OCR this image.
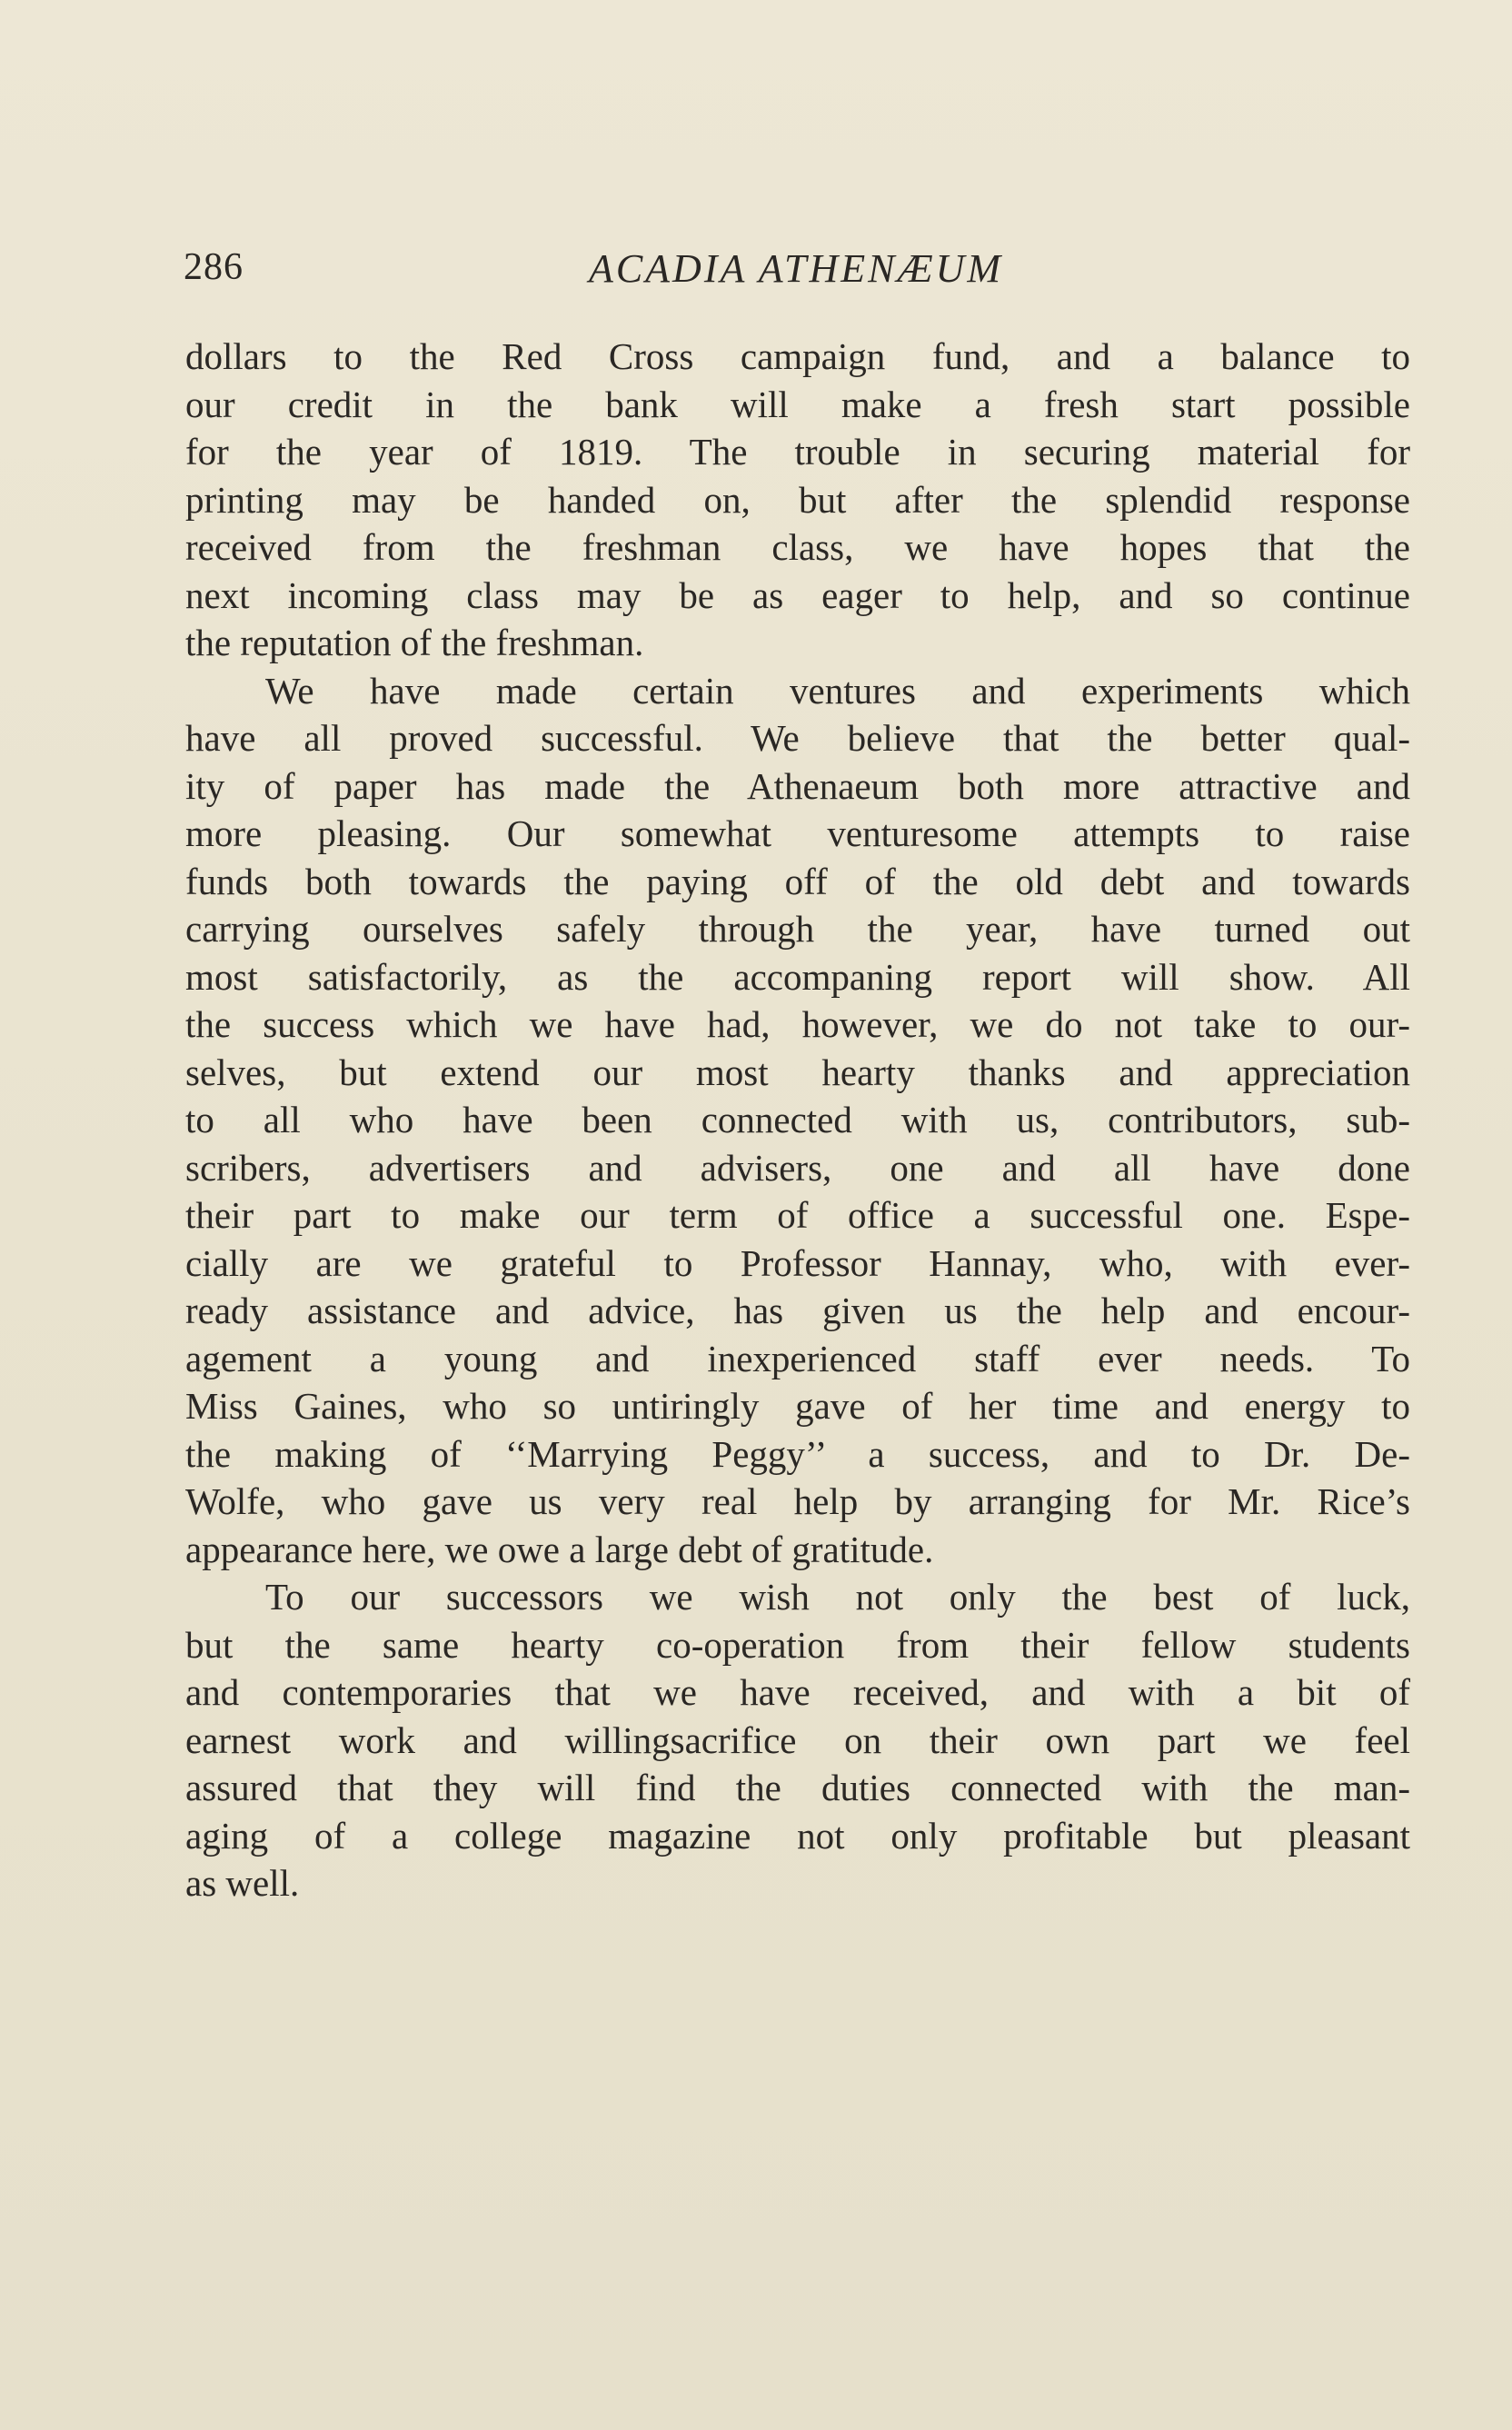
286	ACADIA ATHENÆUM
dollars to the Red Cross campaign fund, and a balance to
our credit in the bank will make a fresh start possible
for the year of 1819. The trouble in securing material for
printing may be handed on, but after the splendid response
received from the freshman class, we have hopes that the
next incoming class may be as eager to help, and so continue
the reputation of the freshman.
We have made certain ventures and experiments which
have all proved successful. We believe that the better qual-
ity of paper has made the Athenaeum both more attractive and
more pleasing. Our somewhat venturesome attempts to raise
funds both towards the paying off of the old debt and towards
carrying ourselves safely through the year, have turned out
most satisfactorily, as the accompaning report will show. All
the success which we have had, however, we do not take to our-
selves, but extend our most hearty thanks and appreciation
to all who have been connected with us, contributors, sub-
scribers, advertisers and advisers, one and all have done
their part to make our term of office a successful one. Espe-
cially are we grateful to Professor Hannay, who, with ever-
ready assistance and advice, has given us the help and encour-
agement a young and inexperienced staff ever needs. To
Miss Gaines, who so untiringly gave of her time and energy to
the making of ‘‘Marrying Peggy’’ a success, and to Dr. De-
Wolfe, who gave us very real help by arranging for Mr. Rice’s
appearance here, we owe a large debt of gratitude.
To our successors we wish not only the best of luck,
but the same hearty co-operation from their fellow students
and contemporaries that we have received, and with a bit of
earnest work and willingsacrifice on their own part we feel
assured that they will find the duties connected with the man-
aging of a college magazine not only profitable but pleasant
as well.
